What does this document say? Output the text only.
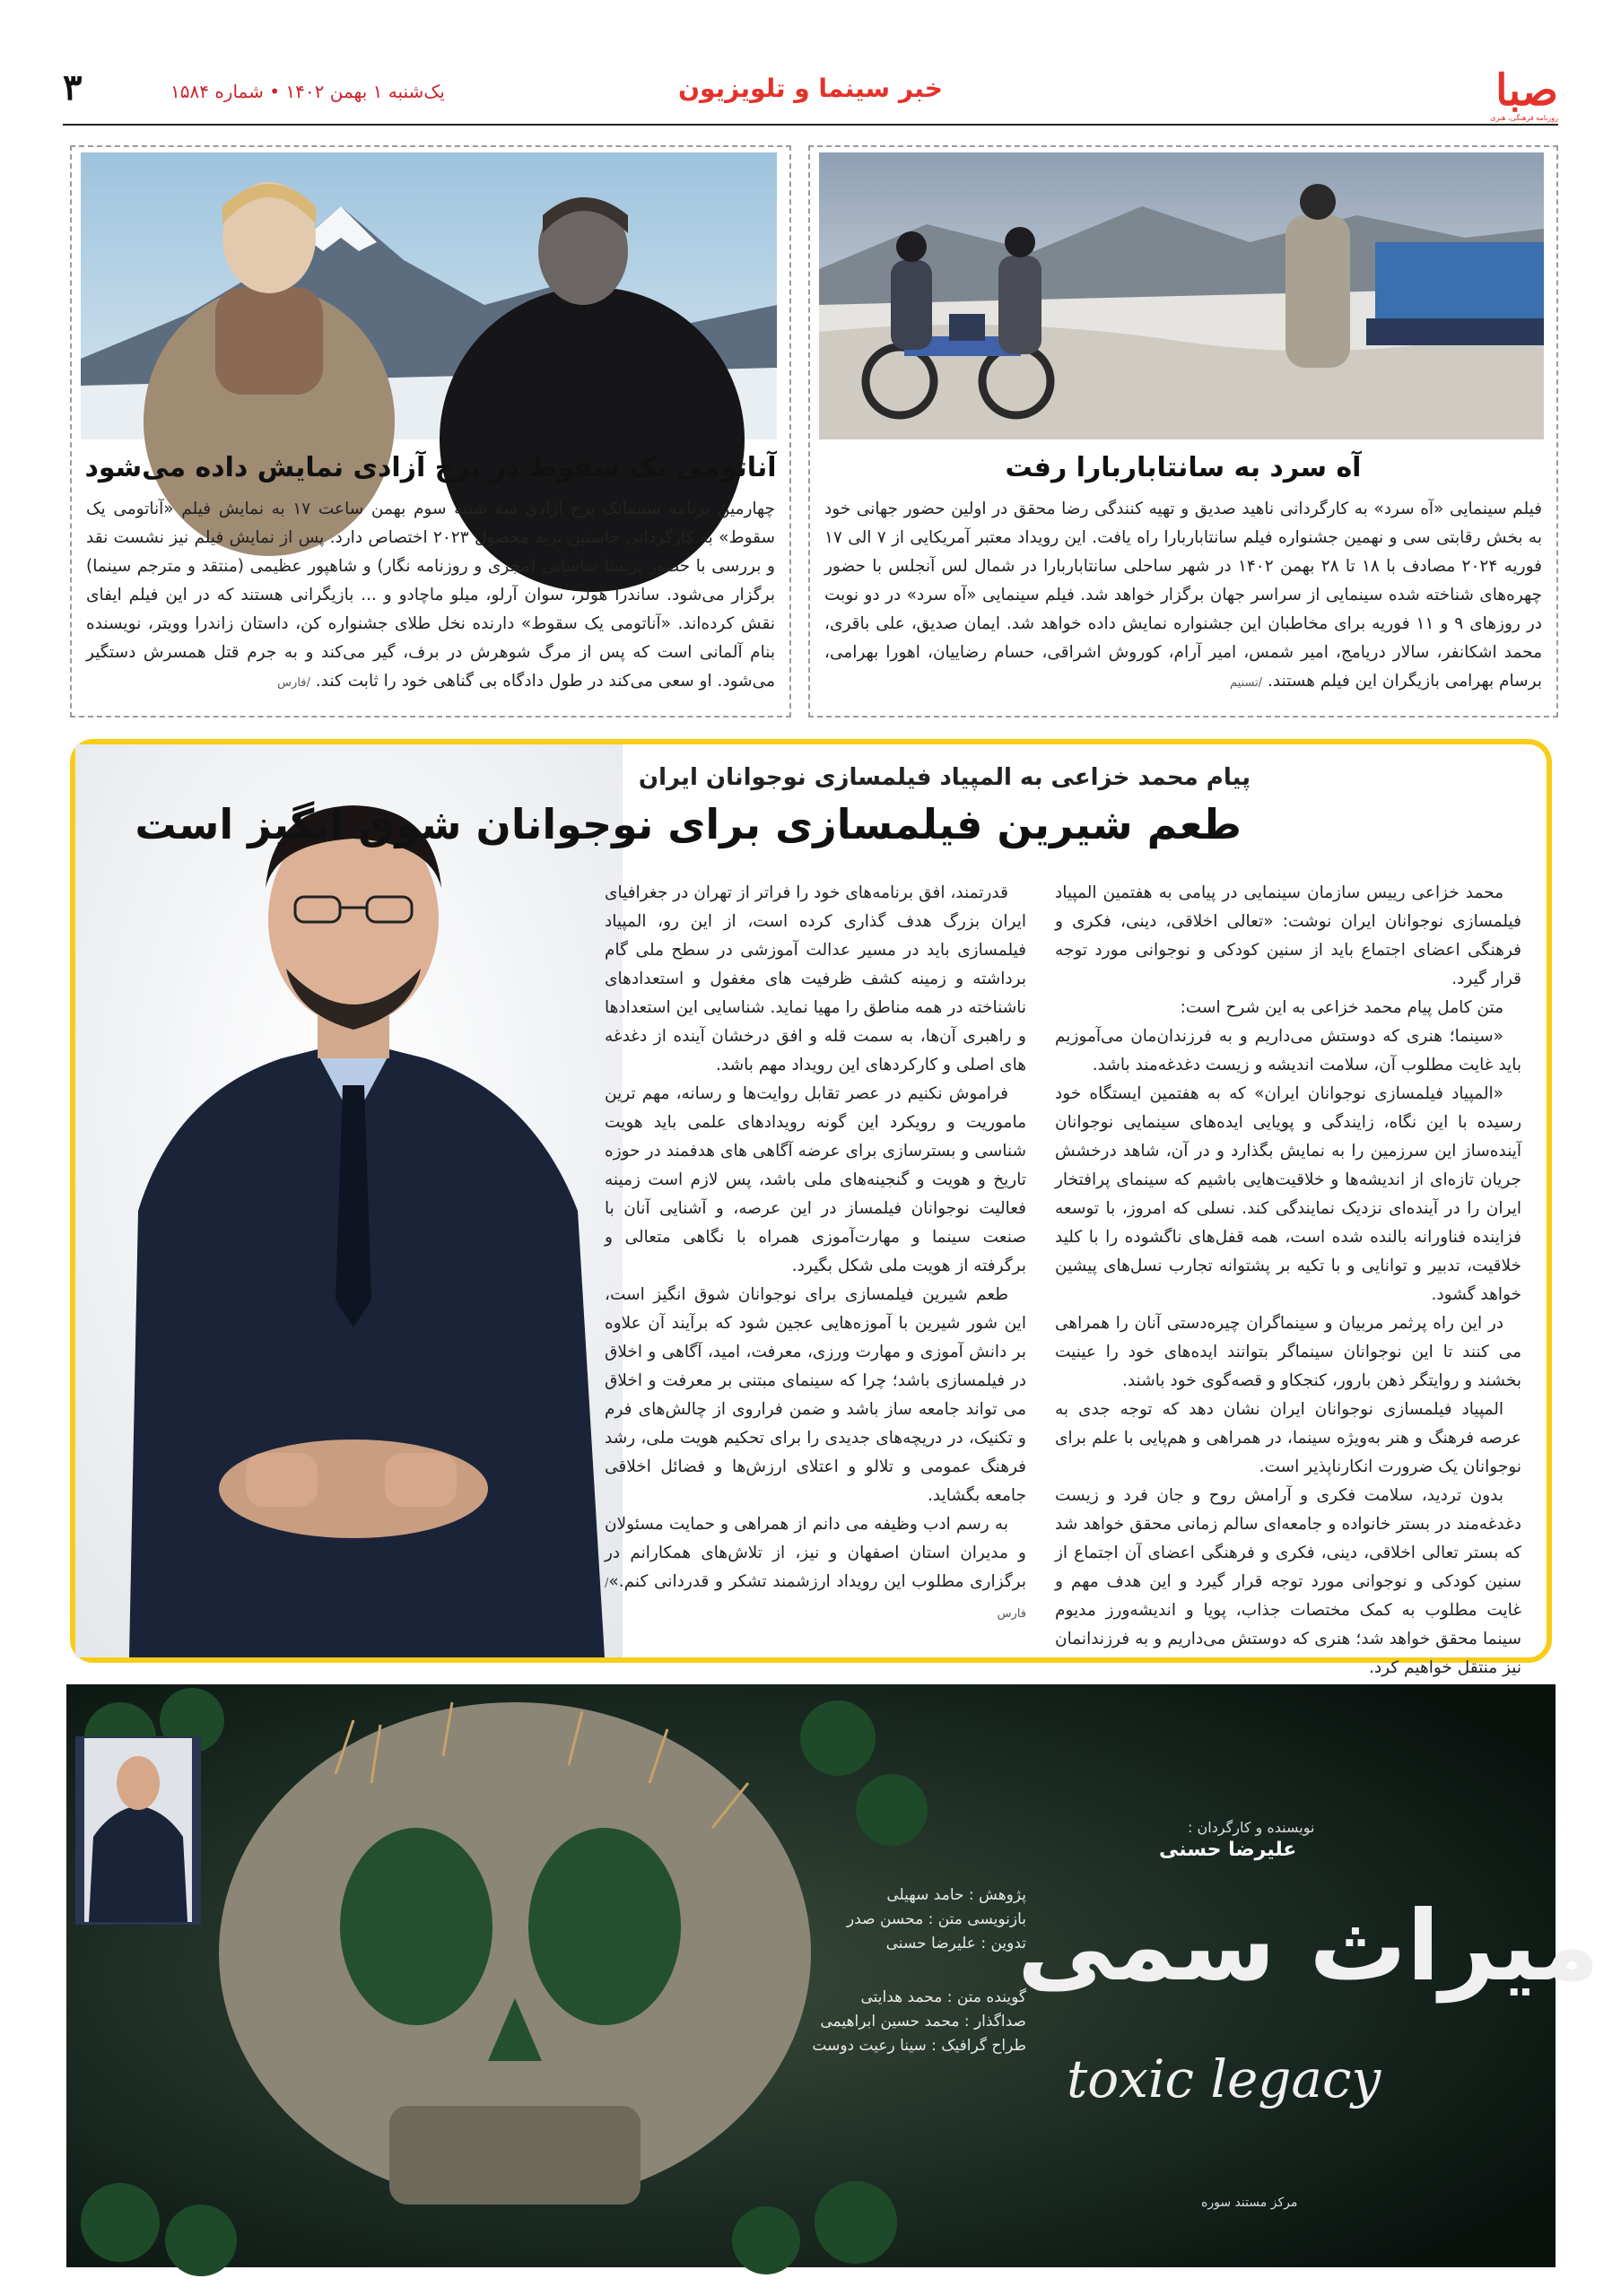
صبا
روزنامه فرهنگی، هنری
خبر سینما و تلویزیون
یک‌شنبه ۱ بهمن ۱۴۰۲ • شماره ۱۵۸۴
۳
آه سرد به سانتاباربارا رفت
فیلم سینمایی «آه سرد» به کارگردانی ناهید صدیق و تهیه کنندگی رضا محقق در اولین حضور جهانی خود به بخش رقابتی سی و نهمین جشنواره فیلم سانتاباربارا راه یافت. این رویداد معتبر آمریکایی از ۷ الی ۱۷ فوریه ۲۰۲۴ مصادف با ۱۸ تا ۲۸ بهمن ۱۴۰۲ در شهر ساحلی سانتاباربارا در شمال لس آنجلس با حضور چهره‌های شناخته شده سینمایی از سراسر جهان برگزار خواهد شد. فیلم سینمایی «آه سرد» در دو نوبت در روزهای ۹ و ۱۱ فوریه برای مخاطبان این جشنواره نمایش داده خواهد شد. ایمان صدیق، علی باقری، محمد اشکانفر، سالار دریامج، امیر شمس، امیر آرام، کوروش اشراقی، حسام رضاییان، اهورا بهرامی، برسام بهرامی بازیگران این فیلم هستند. /تسنیم
آناتومی یک سقوط در برج آزادی نمایش داده می‌شود
چهارمین برنامه سینماتک برج آزادی سه شنبه سوم بهمن ساعت ۱۷ به نمایش فیلم «آناتومی یک سقوط» به کارگردانی جاستین تریه محصول ۲۰۲۳ اختصاص دارد. پس از نمایش فیلم نیز نشست نقد و بررسی با حضور پریسا ساسانی (مجری و روزنامه نگار) و شاهپور عظیمی (منتقد و مترجم سینما) برگزار می‌شود. ساندرا هولر، سوان آرلو، میلو ماچادو و ... بازیگرانی هستند که در این فیلم ایفای نقش کرده‌اند. «آناتومی یک سقوط» دارنده نخل طلای جشنواره کن، داستان زاندرا وویتر، نویسنده بنام آلمانی است که پس از مرگ شوهرش در برف، گیر می‌کند و به جرم قتل همسرش دستگیر می‌شود. او سعی می‌کند در طول دادگاه بی گناهی خود را ثابت کند. /فارس
پیام محمد خزاعی به المپیاد فیلمسازی نوجوانان ایران
طعم شیرین فیلمسازی برای نوجوانان شوق انگیز است

محمد خزاعی رییس سازمان سینمایی در پیامی به هفتمین المپیاد فیلمسازی نوجوانان ایران نوشت: «تعالی اخلاقی، دینی، فکری و فرهنگی اعضای اجتماع باید از سنین کودکی و نوجوانی مورد توجه قرار گیرد.

متن کامل پیام محمد خزاعی به این شرح است:

«سینما؛ هنری که دوستش می‌داریم و به فرزندان‌مان می‌آموزیم باید غایت مطلوب آن، سلامت اندیشه و زیست دغدغه‌مند باشد.

«المپیاد فیلمسازی نوجوانان ایران» که به هفتمین ایستگاه خود رسیده با این نگاه، زایندگی و پویایی ایده‌های سینمایی نوجوانان آینده‌ساز این سرزمین را به نمایش بگذارد و در آن، شاهد درخشش جریان تازه‌ای از اندیشه‌ها و خلاقیت‌هایی باشیم که سینمای پرافتخار ایران را در آینده‌ای نزدیک نمایندگی کند. نسلی که امروز، با توسعه فزاینده فناورانه بالنده شده است، همه قفل‌های ناگشوده را با کلید خلاقیت، تدبیر و توانایی و با تکیه بر پشتوانه تجارب نسل‌های پیشین خواهد گشود.

در این راه پرثمر مربیان و سینماگران چیره‌دستی آنان را همراهی می کنند تا این نوجوانان سینماگر بتوانند ایده‌های خود را عینیت بخشند و روایتگر ذهن بارور، کنجکاو و قصه‌گوی خود باشند.

المپیاد فیلمسازی نوجوانان ایران نشان دهد که توجه جدی به عرصه فرهنگ و هنر به‌ویژه سینما، در همراهی و هم‌پایی با علم برای نوجوانان یک ضرورت انکارناپذیر است.

بدون تردید، سلامت فکری و آرامش روح و جان فرد و زیست دغدغه‌مند در بستر خانواده و جامعه‌ای سالم زمانی محقق خواهد شد که بستر تعالی اخلاقی، دینی، فکری و فرهنگی اعضای آن اجتماع از سنین کودکی و نوجوانی مورد توجه قرار گیرد و این هدف مهم و غایت مطلوب به کمک مختصات جذاب، پویا و اندیشه‌ورز مدیوم سینما محقق خواهد شد؛ هنری که دوستش می‌داریم و به فرزندانمان نیز منتقل خواهیم کرد.

قدرتمند، افق برنامه‌های خود را فراتر از تهران در جغرافیای ایران بزرگ هدف گذاری کرده است، از این رو، المپیاد فیلمسازی باید در مسیر عدالت آموزشی در سطح ملی گام برداشته و زمینه کشف ظرفیت های مغفول و استعدادهای ناشناخته در همه مناطق را مهیا نماید. شناسایی این استعدادها و راهبری آن‌ها، به سمت قله و افق درخشان آینده از دغدغه های اصلی و کارکردهای این رویداد مهم باشد.

فراموش نکنیم در عصر تقابل روایت‌ها و رسانه، مهم ترین ماموریت و رویکرد این گونه رویدادهای علمی باید هویت شناسی و بسترسازی برای عرضه آگاهی های هدفمند در حوزه تاریخ و هویت و گنجینه‌های ملی باشد، پس لازم است زمینه فعالیت نوجوانان فیلمساز در این عرصه، و آشنایی آنان با صنعت سینما و مهارت‌آموزی همراه با نگاهی متعالی و برگرفته از هویت ملی شکل بگیرد.

طعم شیرین فیلمسازی برای نوجوانان شوق انگیز است، این شور شیرین با آموزه‌هایی عجین شود که برآیند آن علاوه بر دانش آموزی و مهارت ورزی، معرفت، امید، آگاهی و اخلاق در فیلمسازی باشد؛ چرا که سینمای مبتنی بر معرفت و اخلاق می تواند جامعه ساز باشد و ضمن فراروی از چالش‌های فرم و تکنیک، در دریچه‌های جدیدی را برای تحکیم هویت ملی، رشد فرهنگ عمومی و تلالو و اعتلای ارزش‌ها و فضائل اخلاقی جامعه بگشاید.

به رسم ادب وظیفه می دانم از همراهی و حمایت مسئولان و مدیران استان اصفهان و نیز، از تلاش‌های همکارانم در برگزاری مطلوب این رویداد ارزشمند تشکر و قدردانی کنم.»/فارس

پژوهش : حامد سهیلی
بازنویسی متن : محسن صدر
تدوین : علیرضا حسنی
گوینده متن : محمد هدایتی
صداگذار : محمد حسین ابراهیمی
طراح گرافیک : سینا رعیت دوست
نویسنده و کارگردان :
علیرضا حسنی
میراث سمی
toxic legacy
مرکز مستند سوره
